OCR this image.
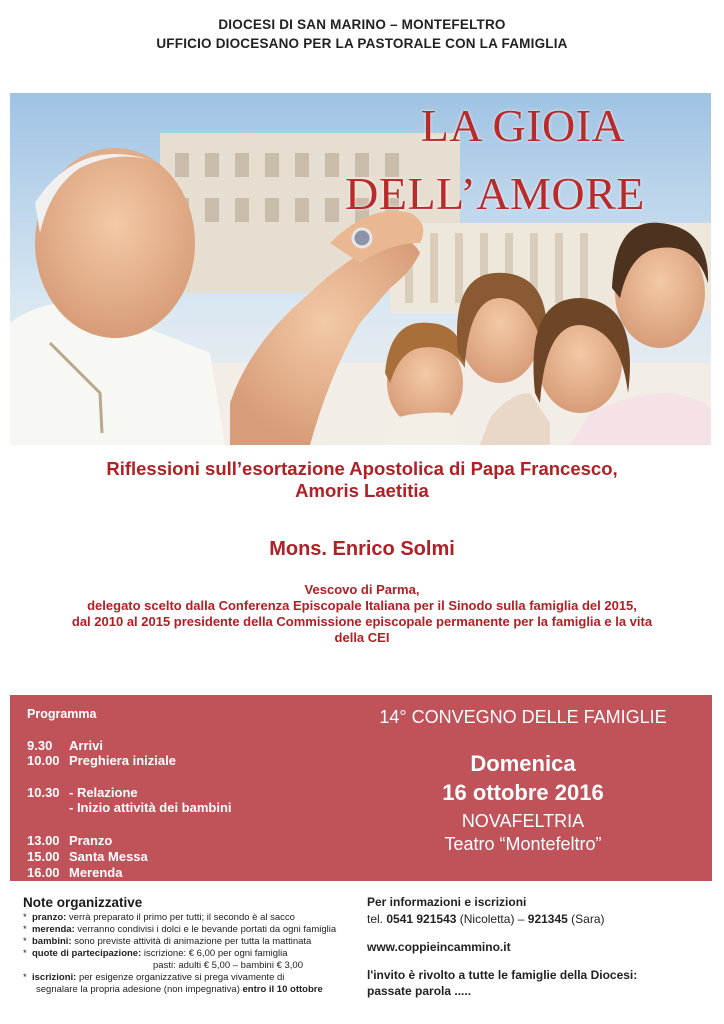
DIOCESI DI SAN MARINO – MONTEFELTRO
UFFICIO DIOCESANO PER LA PASTORALE CON LA FAMIGLIA
LA GIOIA
DELL’AMORE
Riflessioni sull’esortazione Apostolica di Papa Francesco,
Amoris Laetitia
Mons. Enrico Solmi
Vescovo di Parma,
delegato scelto dalla Conferenza Episcopale Italiana per il Sinodo sulla famiglia del 2015,
dal 2010 al 2015 presidente della Commissione episcopale permanente per la famiglia e la vita
della CEI
Programma
9.30 Arrivi
10.00 Preghiera iniziale
10.30 - Relazione
- Inizio attività dei bambini
13.00 Pranzo
15.00 Santa Messa
16.00 Merenda
14° CONVEGNO DELLE FAMIGLIE
Domenica
16 ottobre 2016
NOVAFELTRIA
Teatro “Montefeltro”
Note organizzative
* pranzo: verrà preparato il primo per tutti; il secondo è al sacco
* merenda: verranno condivisi i dolci e le bevande portati da ogni famiglia
* bambini: sono previste attività di animazione per tutta la mattinata
* quote di partecipazione: iscrizione: € 6,00 per ogni famiglia
pasti: adulti € 5,00 – bambini € 3,00
* iscrizioni: per esigenze organizzative si prega vivamente di
segnalare la propria adesione (non impegnativa) entro il 10 ottobre
Per informazioni e iscrizioni
tel. 0541 921543 (Nicoletta) – 921345 (Sara)
www.coppieincammino.it
l'invito è rivolto a tutte le famiglie della Diocesi:
passate parola .....
